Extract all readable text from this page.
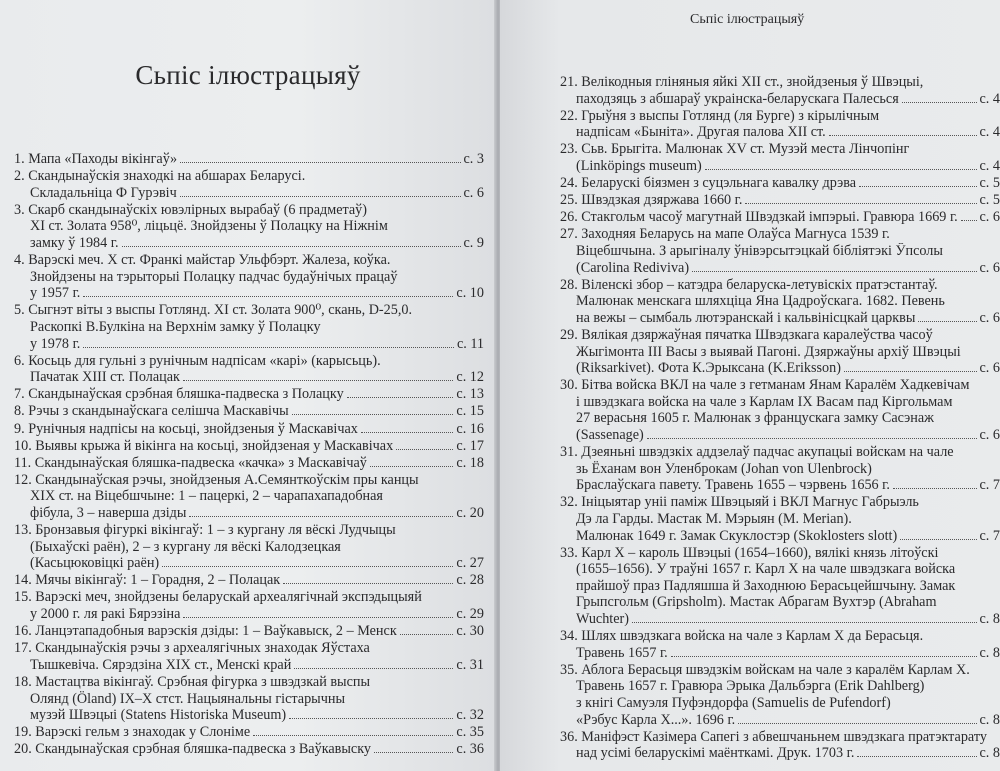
Сьпіс ілюстрацыяў
1. Мапа «Паходы вікінгаў»	с. 3
2. Скандынаўскія знаходкі на абшарах Беларусі.
Складальніца Ф Гурэвіч	с. 6
3. Скарб скандынаўскіх ювэлірных вырабаў (6 прадметаў)
ХІ ст. Золата 958⁰, ліцьцё. Знойдзены ў Полацку на Ніжнім
замку ў 1984 г.	с. 9
4. Варэскі меч. Х ст. Франкі майстар Ульфбэрт. Жалеза, коўка.
Знойдзены на тэрыторыі Полацку падчас будаўнічых працаў
у 1957 г.	с. 10
5. Сыгнэт віты з выспы Готлянд. XI ст. Золата 900⁰, скань, D-25,0.
Раскопкі В.Булкіна на Верхнім замку ў Полацку
у 1978 г.	с. 11
6. Косьць для гульні з рунічным надпісам «карі» (карысьць).
Пачатак XIII ст. Полацак	с. 12
7. Скандынаўская срэбная бляшка-падвеска з Полацку	с. 13
8. Рэчы з скандынаўскага селішча Маскавічы	с. 15
9. Рунічныя надпісы на косьці, знойдзеныя ў Маскавічах	с. 16
10. Выявы крыжа й вікінга на косьці, знойдзеная у Маскавічах	с. 17
11. Скандынаўская бляшка-падвеска «качка» з Маскавічаў	с. 18
12. Скандынаўская рэчы, знойдзеныя А.Семянткоўскім пры канцы
XIX ст. на Віцебшчыне: 1 – пацеркі, 2 – чарапахападобная
фібула, 3 – наверша дзіды	с. 20
13. Бронзавыя фігуркі вікінгаў: 1 – з кургану ля вёскі Лудчыцы
(Быхаўскі раён), 2 – з кургану ля вёскі Калодзецкая
(Касьцюковіцкі раён)	с. 27
14. Мячы вікінгаў: 1 – Горадня, 2 – Полацак	с. 28
15. Варэскі меч, знойдзены беларускай археалягічнай экспэдыцыяй
у 2000 г. ля ракі Бярэзіна	с. 29
16. Ланцэтападобныя варэскія дзіды: 1 – Ваўкавыск, 2 – Менск	с. 30
17. Скандынаўскія рэчы з археалягічных знаходак Яўстаха
Тышкевіча. Сярэдзіна XIX ст., Менскі край	с. 31
18. Мастацтва вікінгаў. Срэбная фігурка з швэдзкай выспы
Олянд (Öland) IX–X стст. Нацыянальны гістарычны
музэй Швэцыі (Statens Historiska Museum)	с. 32
19. Варэскі гельм з знаходак у Слоніме	с. 35
20. Скандынаўская срэбная бляшка-падвеска з Ваўкавыску	с. 36
Сьпіс ілюстрацыяў
21. Велікодныя гліняныя яйкі XII ст., знойдзеныя ў Швэцыі,
паходзяць з абшараў украінска-беларускага Палесься	с. 4
22. Грыўня з выспы Готлянд (ля Бургe) з кірылічным
надпісам «Быніта». Другая палова XII ст.	с. 4
23. Сьв. Брыгіта. Малюнак XV ст. Музэй места Лінчопінг
(Linköpings museum)	с. 4
24. Беларускі біязмен з суцэльнага кавалку дрэва	с. 5
25. Швэдзкая дзяржава 1660 г.	с. 5
26. Стакгольм часоў магутнай Швэдзкай імпэрыі. Гравюра 1669 г. с. 6
27. Заходняя Беларусь на мапе Олаўса Магнуса 1539 г.
Віцебшчына. З арыгіналу ўнівэрсытэцкай бібліятэкі Ўпсолы
(Carolina Rediviva)	с. 6
28. Віленскі збор – катэдра беларуска-летувіскіх пратэстантаў.
Малюнак менскага шляхціца Яна Цадроўскага. 1682. Певень
на вежы – сымбаль лютэранскай і кальвінісцкай царквы	с. 6
29. Вялікая дзяржаўная пячатка Швэдзкага каралеўства часоў
Жыгімонта III Васы з выявай Пагоні. Дзяржаўны архіў Швэцыі
(Riksarkivet). Фота К.Эрыксана (K.Eriksson)	с. 6
30. Бітва войска ВКЛ на чале з гетманам Янам Каралём Хадкевічам
і швэдзкага войска на чале з Карлам IX Васам пад Кіргольмам
27 верасьня 1605 г. Малюнак з францускага замку Сасэнаж
(Sassenage)	с. 6
31. Дзеяньні швэдзкіх аддзелаў падчас акупацыі войскам на чале
зь Ёханам вон Уленброкам (Johan von Ulenbrock)
Браслаўскага павету. Травень 1655 – чэрвень 1656 г.	с. 7
32. Ініцыятар уніі паміж Швэцыяй і ВКЛ Магнус Габрыэль
Дэ ла Гарды. Мастак М. Мэрыян (M. Merian).
Малюнак 1649 г. Замак Скуклостэр (Skoklosters slott)	с. 7
33. Карл Х – кароль Швэцыі (1654–1660), вялікі князь літоўскі
(1655–1656). У траўні 1657 г. Карл Х на чале швэдзкага войска
прайшоў праз Падляшша й Заходнюю Берасьцейшчыну. Замак
Грыпсгольм (Gripsholm). Мастак Абрагам Вухтэр (Abraham
Wuchter)	с. 8
34. Шлях швэдзкага войска на чале з Карлам Х да Берасьця.
Травень 1657 г.	с. 8
35. Аблога Берасьця швэдзкім войскам на чале з каралём Карлам Х.
Травень 1657 г. Гравюра Эрыка Дальбэрга (Erik Dahlberg)
з кнігі Самуэля Пуфэндорфа (Samuelis de Pufendorf)
«Рэбус Карла Х...». 1696 г.	с. 8
36. Маніфэст Казімера Сапегі з абвешчаньнем швэдзкага пратэктарату
над усімі беларускімі маёнткамі. Друк. 1703 г.	с. 8
